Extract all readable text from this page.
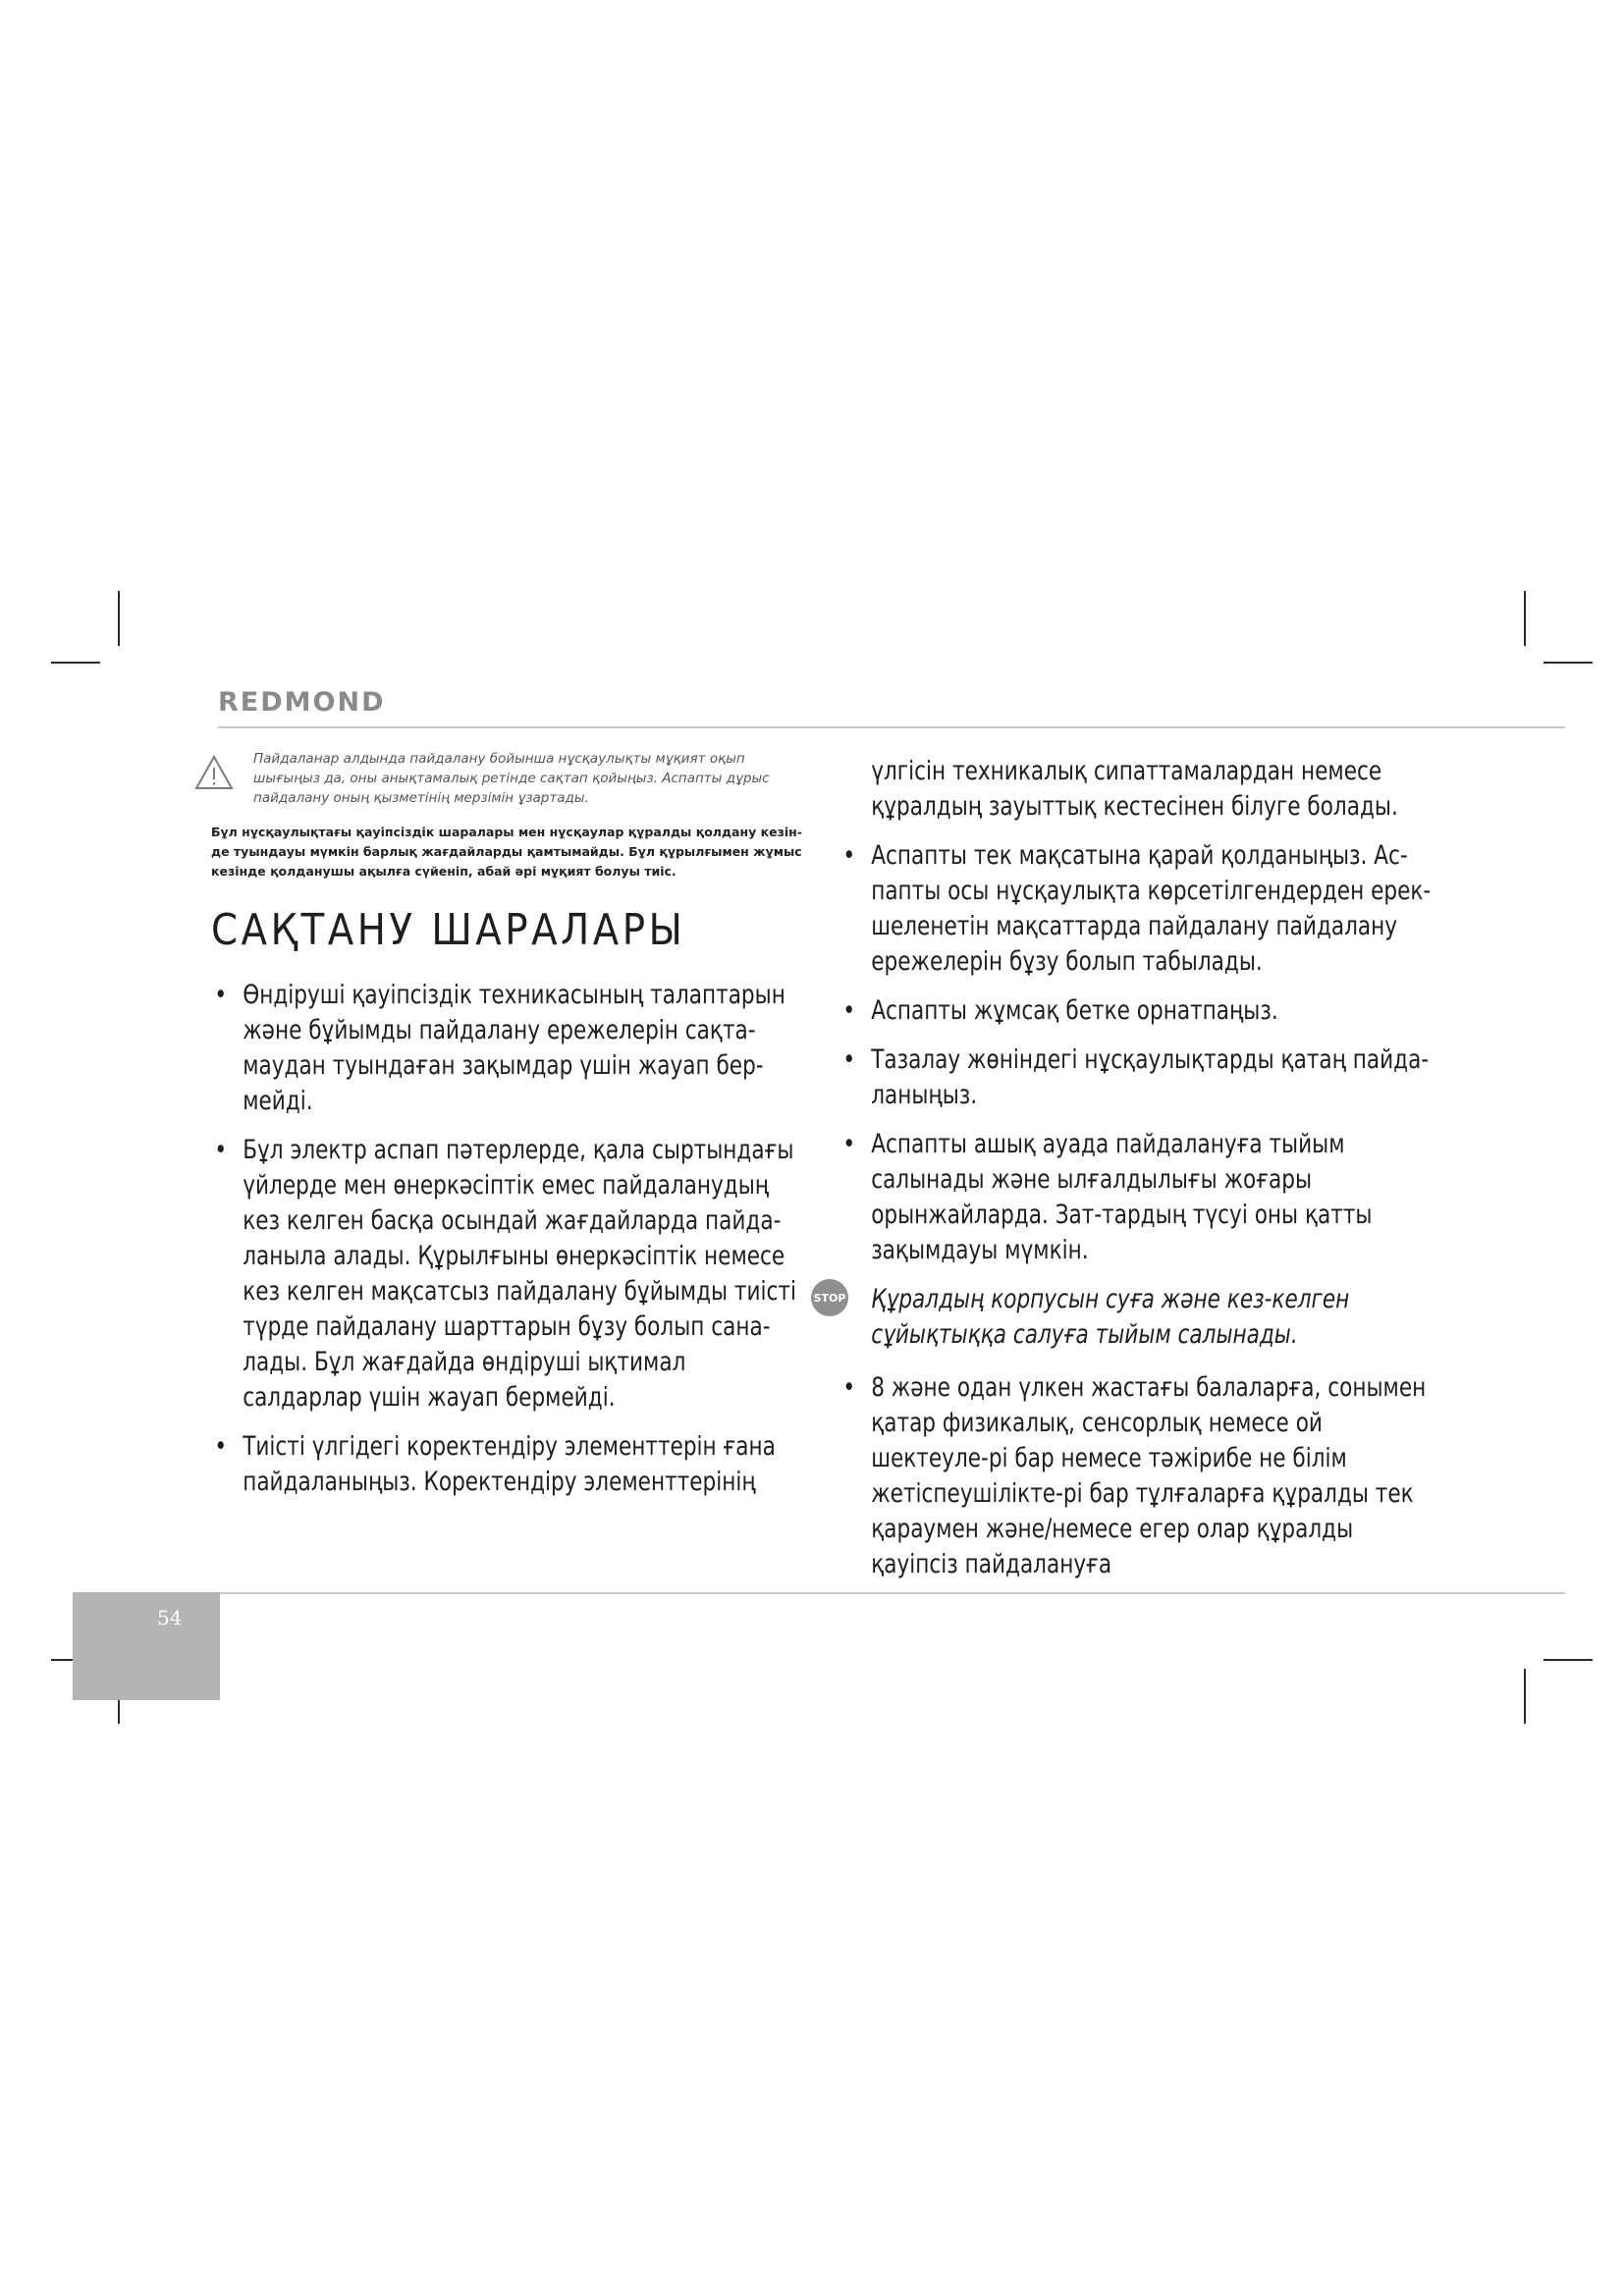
REDMOND
Пайдаланар алдында пайдалану бойынша нұсқаулықты мұқият оқып шығыңыз да, оны анықтамалық ретінде сақтап қойыңыз. Аспапты дұрыс пайдалану оның қызметінің мерзімін ұзартады.
Бұл нұсқаулықтағы қауіпсіздік шаралары мен нұсқаулар құралды қолдану кезін-де туындауы мүмкін барлық жағдайларды қамтымайды. Бұл құрылғымен жұмыс кезінде қолданушы ақылға сүйеніп, абай әрі мұқият болуы тиіс.
САҚТАНУ ШАРАЛАРЫ
• Өндіруші қауіпсіздік техникасының талаптарын және бұйымды пайдалану ережелерін сақта-маудан туындаған зақымдар үшін жауап бер-мейді.
• Бұл электр аспап пәтерлерде, қала сыртындағы үйлерде мен өнеркәсіптік емес пайдаланудың кез келген басқа осындай жағдайларда пайда-ланыла алады. Құрылғыны өнеркәсіптік немесе кез келген мақсатсыз пайдалану бұйымды тиісті түрде пайдалану шарттарын бұзу болып сана-лады. Бұл жағдайда өндіруші ықтимал салдарлар үшін жауап бермейді.
• Тиісті үлгідегі коректендіру элементтерін ғана пайдаланыңыз. Коректендіру элементтерінің
үлгісін техникалық сипаттамалардан немесе құралдың зауыттық кестесінен білуге болады.
• Аспапты тек мақсатына қарай қолданыңыз. Ас-папты осы нұсқаулықта көрсетілгендерден ерек-шеленетін мақсаттарда пайдалану пайдалану ережелерін бұзу болып табылады.
• Аспапты жұмсақ бетке орнатпаңыз.
• Тазалау жөніндегі нұсқаулықтарды қатаң пайда-ланыңыз.
• Аспапты ашық ауада пайдалануға тыйым салынады және ылғалдылығы жоғары орынжайларда. Зат-тардың түсуі оны қатты зақымдауы мүмкін.
Құралдың корпусын суға және кез-келген сұйықтыққа салуға тыйым салынады.
• 8 және одан үлкен жастағы балаларға, сонымен қатар физикалық, сенсорлық немесе ой шектеуле-рі бар немесе тәжірибе не білім жетіспеушілікте-рі бар тұлғаларға құралды тек қараумен және/немесе егер олар құралды қауіпсіз пайдалануға
STOP
54
